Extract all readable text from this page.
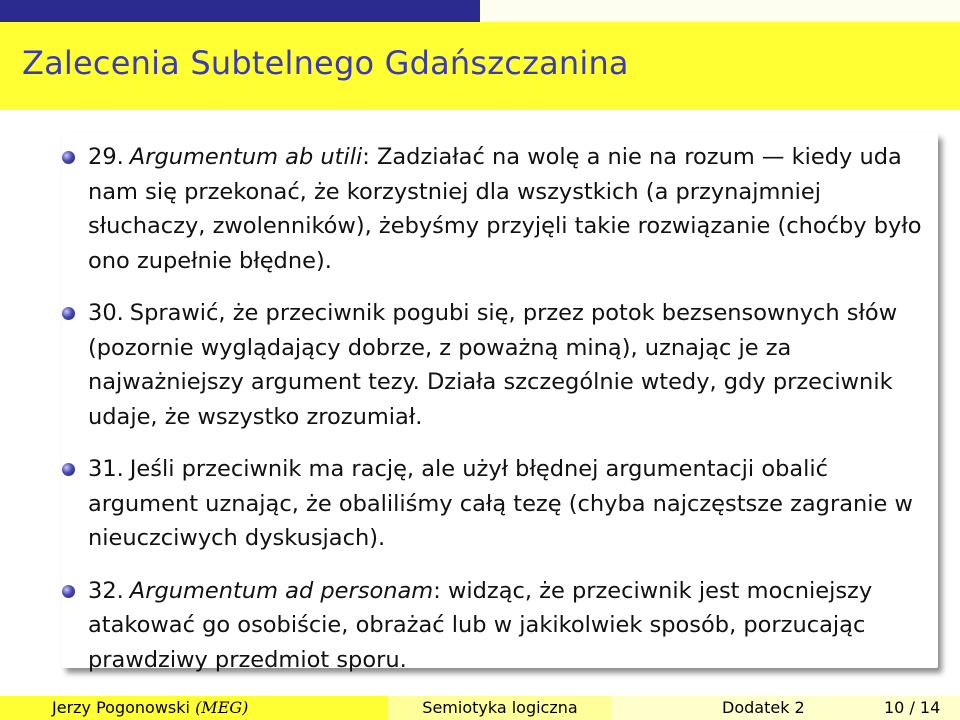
Zalecenia Subtelnego Gdańszczanina
29. Argumentum ab utili: Zadziałać na wolę a nie na rozum — kiedy uda nam się przekonać, że korzystniej dla wszystkich (a przynajmniej słuchaczy, zwolenników), żebyśmy przyjęli takie rozwiązanie (choćby było ono zupełnie błędne).
30. Sprawić, że przeciwnik pogubi się, przez potok bezsensownych słów (pozornie wyglądający dobrze, z poważną miną), uznając je za najważniejszy argument tezy. Działa szczególnie wtedy, gdy przeciwnik udaje, że wszystko zrozumiał.
31. Jeśli przeciwnik ma rację, ale użył błędnej argumentacji obalić argument uznając, że obaliliśmy całą tezę (chyba najczęstsze zagranie w nieuczciwych dyskusjach).
32. Argumentum ad personam: widząc, że przeciwnik jest mocniejszy atakować go osobiście, obrażać lub w jakikolwiek sposób, porzucając prawdziwy przedmiot sporu.
Jerzy Pogonowski (MEG)	Semiotyka logiczna	Dodatek 2	10 / 14
